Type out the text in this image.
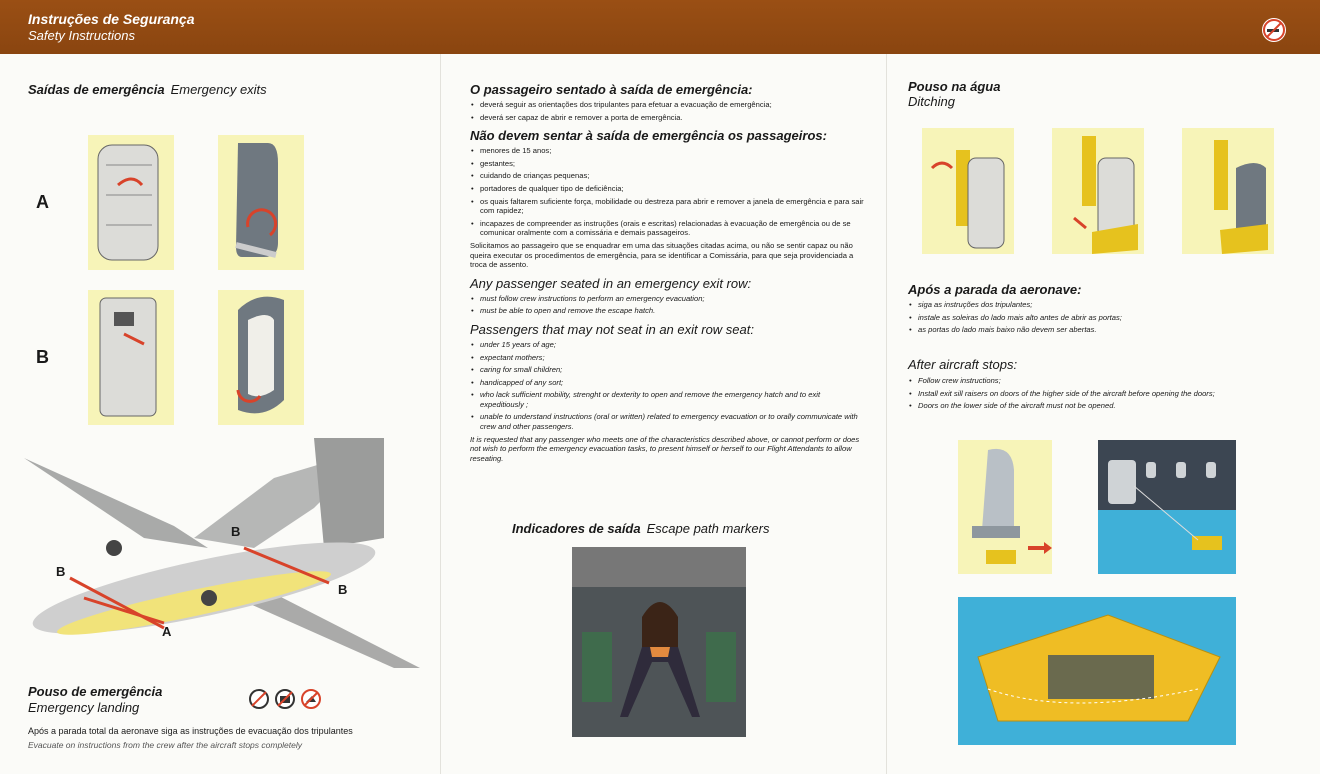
Instruções de Segurança
Safety Instructions
Saídas de emergência Emergency exits
A
B
B
B
B
A
Pouso de emergência
Emergency landing
Após a parada total da aeronave siga as instruções de evacuação dos tripulantes
Evacuate on instructions from the crew after the aircraft stops completely
O passageiro sentado à saída de emergência:
• deverá seguir as orientações dos tripulantes para efetuar a evacuação de emergência;
• deverá ser capaz de abrir e remover a porta de emergência.
Não devem sentar à saída de emergência os passageiros:
• menores de 15 anos;
• gestantes;
• cuidando de crianças pequenas;
• portadores de qualquer tipo de deficiência;
• os quais faltarem suficiente força, mobilidade ou destreza para abrir e remover a janela de emergência e para sair com rapidez;
• incapazes de compreender as instruções (orais e escritas) relacionadas à evacuação de emergência ou de se comunicar oralmente com a comissária e demais passageiros.
Solicitamos ao passageiro que se enquadrar em uma das situações citadas acima, ou não se sentir capaz ou não queira executar os procedimentos de emergência, para se identificar a Comissária, para que seja providenciada a troca de assento.
Any passenger seated in an emergency exit row:
• must follow crew instructions to perform an emergency evacuation;
• must be able to open and remove the escape hatch.
Passengers that may not seat in an exit row seat:
• under 15 years of age;
• expectant mothers;
• caring for small children;
• handicapped of any sort;
• who lack sufficient mobility, strenght or dexterity to open and remove the emergency hatch and to exit expeditiously ;
• unable to understand instructions (oral or written) related to emergency evacuation or to orally communicate with crew and other passengers.
It is requested that any passenger who meets one of the characteristics described above, or cannot perform or does not wish to perform the emergency evacuation tasks, to present himself or herself to our Flight Attendants to allow reseating.
Indicadores de saída Escape path markers
Pouso na água
Ditching
Após a parada da aeronave:
• siga as instruções dos tripulantes;
• instale as soleiras do lado mais alto antes de abrir as portas;
• as portas do lado mais baixo não devem ser abertas.
After aircraft stops:
• Follow crew instructions;
• Install exit sill raisers on doors of the higher side of the aircraft before opening the doors;
• Doors on the lower side of the aircraft must not be opened.
